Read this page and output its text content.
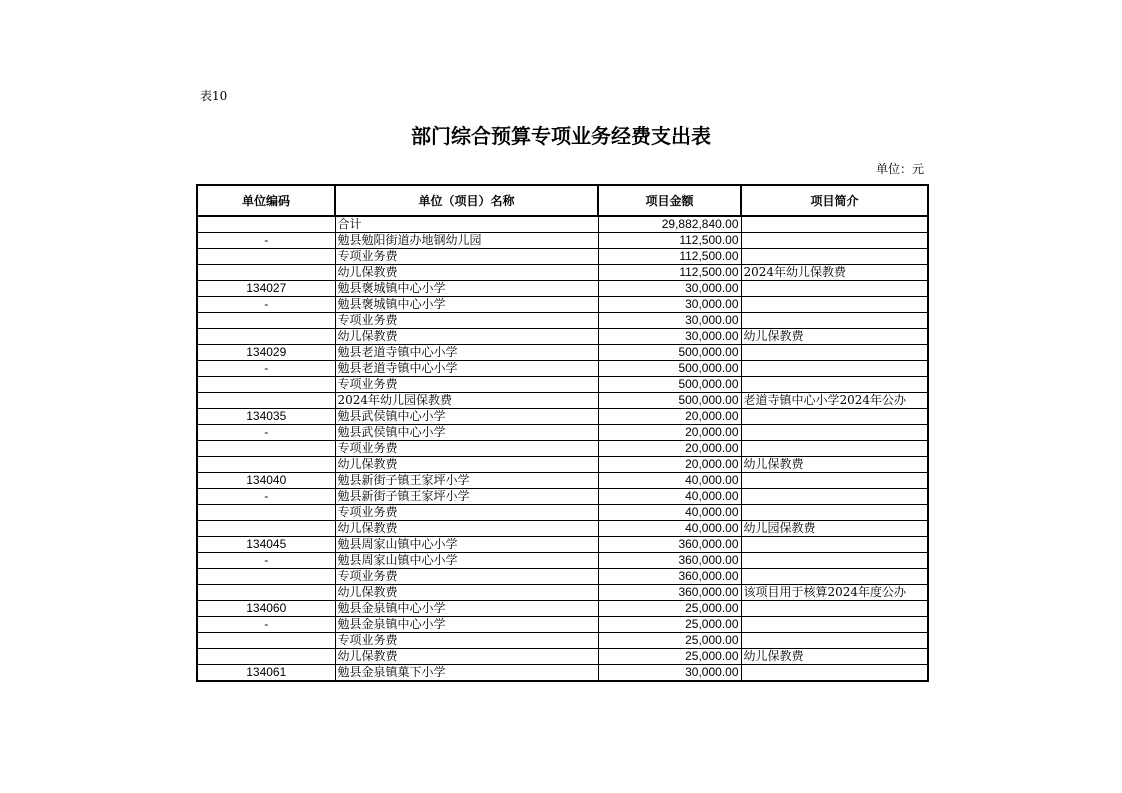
表10
部门综合预算专项业务经费支出表
单位：元
单位编码	单位（项目）名称	项目金额	项目简介
	合计	29,882,840.00	
-	勉县勉阳街道办地钢幼儿园	112,500.00	
	专项业务费	112,500.00	
	幼儿保教费	112,500.00	2024年幼儿保教费
134027	勉县褒城镇中心小学	30,000.00	
-	勉县褒城镇中心小学	30,000.00	
	专项业务费	30,000.00	
	幼儿保教费	30,000.00	幼儿保教费
134029	勉县老道寺镇中心小学	500,000.00	
-	勉县老道寺镇中心小学	500,000.00	
	专项业务费	500,000.00	
	2024年幼儿园保教费	500,000.00	老道寺镇中心小学2024年公办
134035	勉县武侯镇中心小学	20,000.00	
-	勉县武侯镇中心小学	20,000.00	
	专项业务费	20,000.00	
	幼儿保教费	20,000.00	幼儿保教费
134040	勉县新街子镇王家坪小学	40,000.00	
-	勉县新街子镇王家坪小学	40,000.00	
	专项业务费	40,000.00	
	幼儿保教费	40,000.00	幼儿园保教费
134045	勉县周家山镇中心小学	360,000.00	
-	勉县周家山镇中心小学	360,000.00	
	专项业务费	360,000.00	
	幼儿保教费	360,000.00	该项目用于核算2024年度公办
134060	勉县金泉镇中心小学	25,000.00	
-	勉县金泉镇中心小学	25,000.00	
	专项业务费	25,000.00	
	幼儿保教费	25,000.00	幼儿保教费
134061	勉县金泉镇菓下小学	30,000.00	
